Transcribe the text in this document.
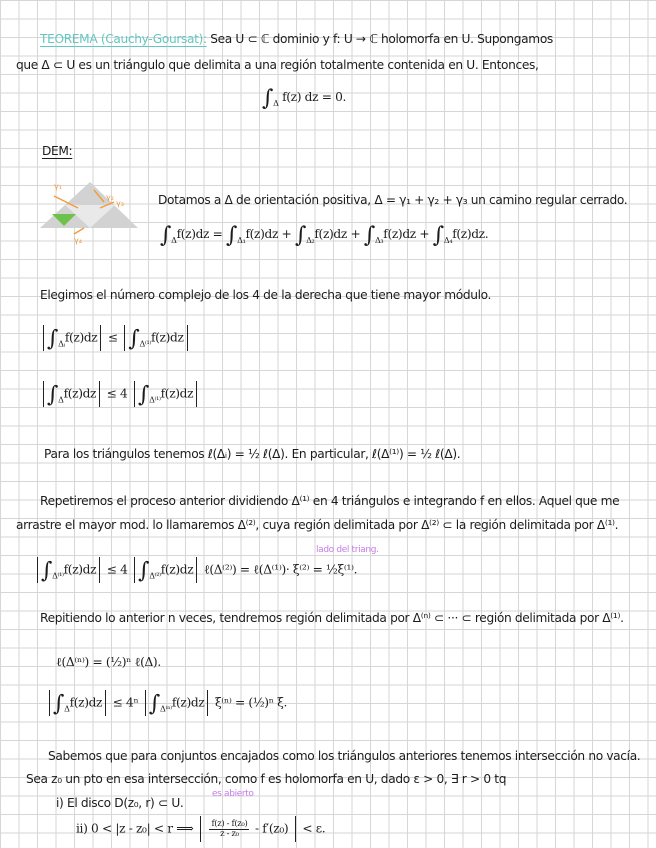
TEOREMA (Cauchy-Goursat): Sea U ⊂ ℂ dominio y f: U → ℂ holomorfa en U. Supongamos
que Δ ⊂ U es un triángulo que delimita a una región totalmente contenida en U. Entonces,
$\int_\Delta$ f(z) dz = 0.
DEM:
γ₁
γ₂
γ₃
γ₄
Dotamos a Δ de orientación positiva, Δ = γ₁ + γ₂ + γ₃ un camino regular cerrado.
$\int_\Delta f(z)dz = \int_{\Delta_1}f(z)dz + \int_{\Delta_2}f(z)dz + \int_{\Delta_3}f(z)dz + \int_{\Delta_4}f(z)dz$.
Elegimos el número complejo de los 4 de la derecha que tiene mayor módulo.
$\int_{\Delta ᵢ}f(z)dz \le \int_{\Delta^{(1)}}f(z)dz$
$\int_\Delta f(z)dz \le 4$ $\int_{\Delta^{(1)}}f(z)dz$
Para los triángulos tenemos ℓ(Δᵢ) = ½ ℓ(Δ). En particular, ℓ(Δ⁽¹⁾) = ½ ℓ(Δ).
Repetiremos el proceso anterior dividiendo Δ⁽¹⁾ en 4 triángulos e integrando f en ellos. Aquel que me
arrastre el mayor mod. lo llamaremos Δ⁽²⁾, cuya región delimitada por Δ⁽²⁾ ⊂ la región delimitada por Δ⁽¹⁾.
lado del triang.
$\int_{\Delta^{(1)}}f(z)dz \le 4$ $\int_{\Delta^{(2)}}f(z)dz$ ℓ(Δ⁽²⁾) = ℓ(Δ⁽¹⁾)· ξ⁽²⁾ = ½ξ⁽¹⁾.
Repitiendo lo anterior n veces, tendremos región delimitada por Δ⁽ⁿ⁾ ⊂ ··· ⊂ región delimitada por Δ⁽¹⁾.
ℓ(Δ⁽ⁿ⁾) = (½)ⁿ ℓ(Δ).
$\int_\Delta f(z)dz \le 4^n$ $\int_{\Delta^{(n)}}f(z)dz$ ξ⁽ⁿ⁾ = (½)ⁿ ξ.
Sabemos que para conjuntos encajados como los triángulos anteriores tenemos intersección no vacía.
Sea z₀ un pto en esa intersección, como f es holomorfa en U, dado ε > 0, ∃ r > 0 tq
es abierto
i) El disco D(z₀, r) ⊂ U.
ii) 0 < |z - z₀| < r ⟹ $\frac{\text{f(z) - f(z₀)}}{\text{z - z₀}} - f'(z_0) < \varepsilon$.
